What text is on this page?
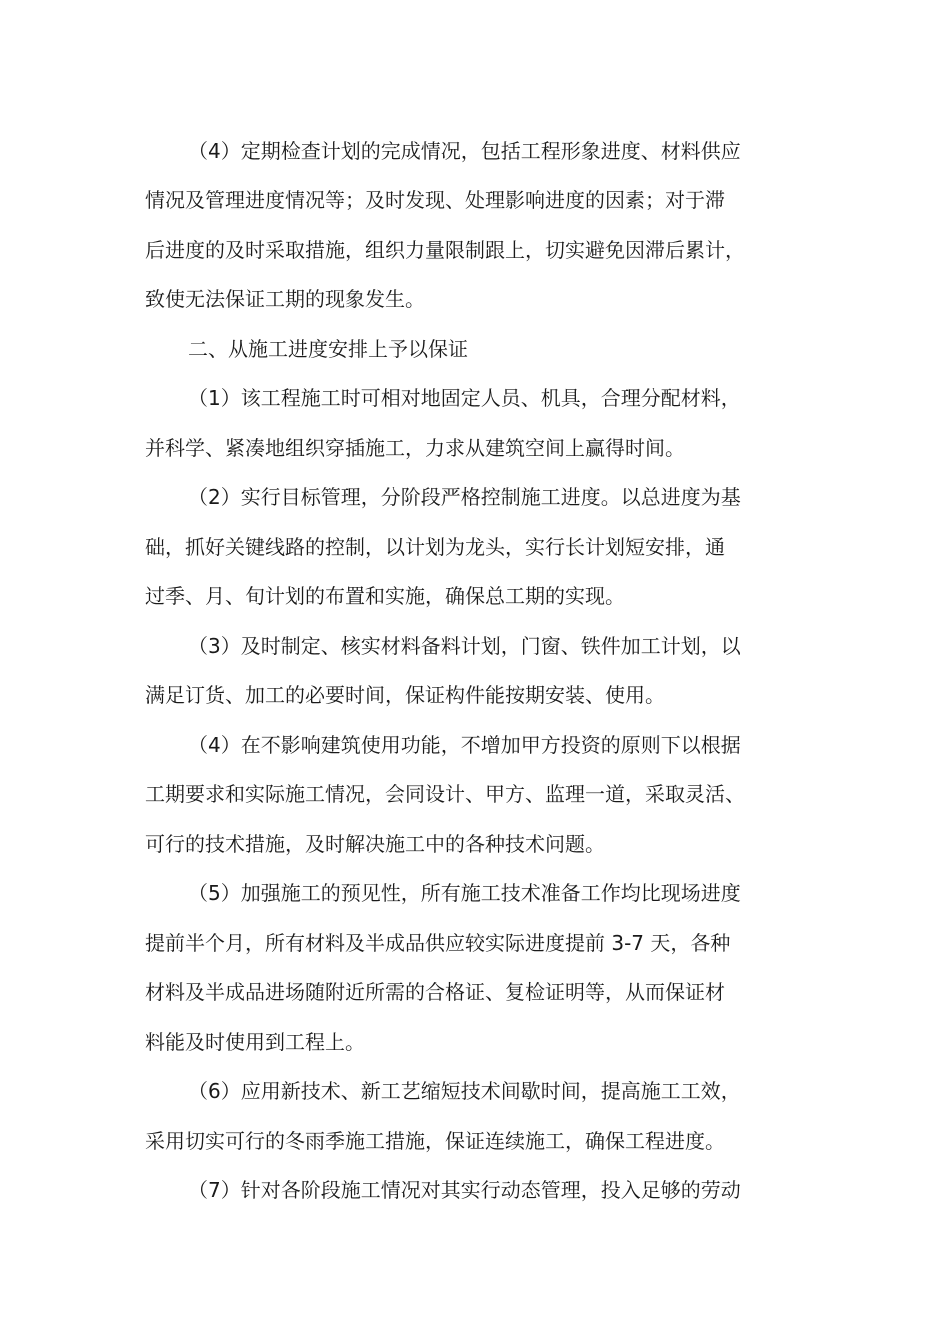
（4）定期检查计划的完成情况，包括工程形象进度、材料供应

情况及管理进度情况等；及时发现、处理影响进度的因素；对于滞

后进度的及时采取措施，组织力量限制跟上，切实避免因滞后累计，

致使无法保证工期的现象发生。

二、从施工进度安排上予以保证

（1）该工程施工时可相对地固定人员、机具，合理分配材料，

并科学、紧凑地组织穿插施工，力求从建筑空间上赢得时间。

（2）实行目标管理，分阶段严格控制施工进度。以总进度为基

础，抓好关键线路的控制，以计划为龙头，实行长计划短安排，通

过季、月、旬计划的布置和实施，确保总工期的实现。

（3）及时制定、核实材料备料计划，门窗、铁件加工计划，以

满足订货、加工的必要时间，保证构件能按期安装、使用。

（4）在不影响建筑使用功能，不增加甲方投资的原则下以根据

工期要求和实际施工情况，会同设计、甲方、监理一道，采取灵活、

可行的技术措施，及时解决施工中的各种技术问题。

（5）加强施工的预见性，所有施工技术准备工作均比现场进度

提前半个月，所有材料及半成品供应较实际进度提前 3-7 天，各种

材料及半成品进场随附近所需的合格证、复检证明等，从而保证材

料能及时使用到工程上。

（6）应用新技术、新工艺缩短技术间歇时间，提高施工工效，

采用切实可行的冬雨季施工措施，保证连续施工，确保工程进度。

（7）针对各阶段施工情况对其实行动态管理，投入足够的劳动
